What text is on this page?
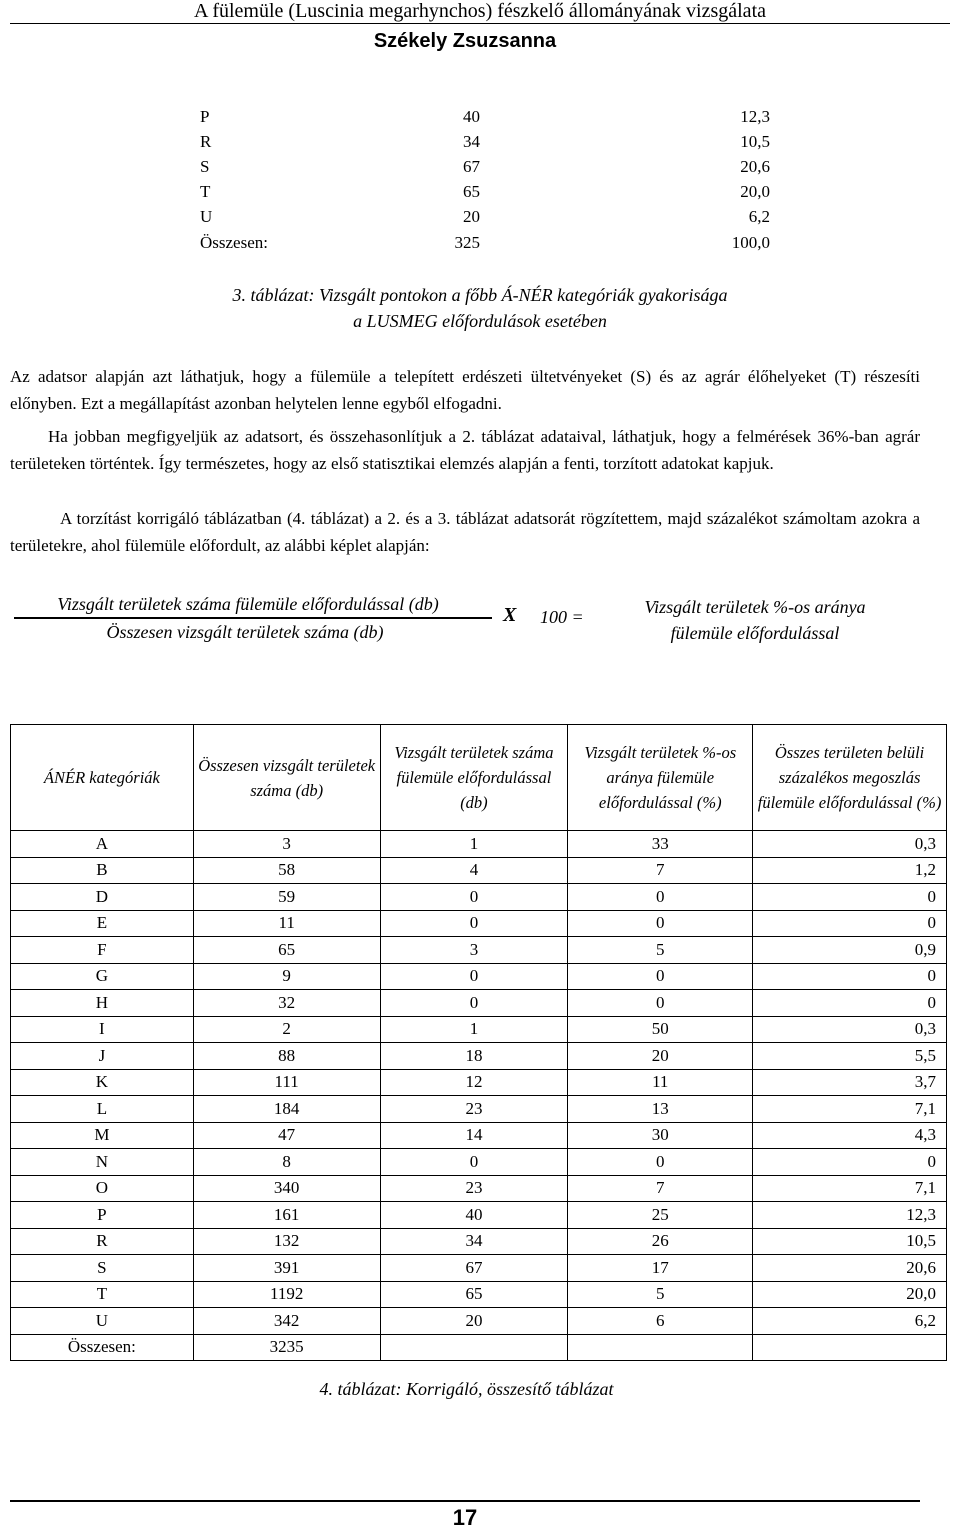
A fülemüle (Luscinia megarhynchos) fészkelő állományának vizsgálata
Székely Zsuzsanna
P	40	12,3
R	34	10,5
S	67	20,6
T	65	20,0
U	20	6,2
Összesen:	325	100,0
3. táblázat: Vizsgált pontokon a főbb Á-NÉR kategóriák gyakorisága
a LUSMEG előfordulások esetében

Az adatsor alapján azt láthatjuk, hogy a fülemüle a telepített erdészeti ültetvényeket (S) és az agrár élőhelyeket (T) részesíti előnyben. Ezt a megállapítást azonban helytelen lenne egyből elfogadni.

Ha jobban megfigyeljük az adatsort, és összehasonlítjuk a 2. táblázat adataival, láthatjuk, hogy a felmérések 36%-ban agrár területeken történtek. Így természetes, hogy az első statisztikai elemzés alapján a fenti, torzított adatokat kapjuk.

A torzítást korrigáló táblázatban (4. táblázat) a 2. és a 3. táblázat adatsorát rögzítettem, majd százalékot számoltam azokra a területekre, ahol fülemüle előfordult, az alábbi képlet alapján:

Vizsgált területek száma fülemüle előfordulással (db)
Összesen vizsgált területek száma (db)
X 100 =	Vizsgált területek %-os aránya
fülemüle előfordulással
ÁNÉR kategóriák	Összesen vizsgált területek száma (db)	Vizsgált területek száma fülemüle előfordulással (db)	Vizsgált területek %-os aránya fülemüle előfordulással (%)	Összes területen belüli százalékos megoszlás fülemüle előfordulással (%)
A	3	1	33	0,3
B	58	4	7	1,2
D	59	0	0	0
E	11	0	0	0
F	65	3	5	0,9
G	9	0	0	0
H	32	0	0	0
I	2	1	50	0,3
J	88	18	20	5,5
K	111	12	11	3,7
L	184	23	13	7,1
M	47	14	30	4,3
N	8	0	0	0
O	340	23	7	7,1
P	161	40	25	12,3
R	132	34	26	10,5
S	391	67	17	20,6
T	1192	65	5	20,0
U	342	20	6	6,2
Összesen:	3235			
4. táblázat: Korrigáló, összesítő táblázat
17
